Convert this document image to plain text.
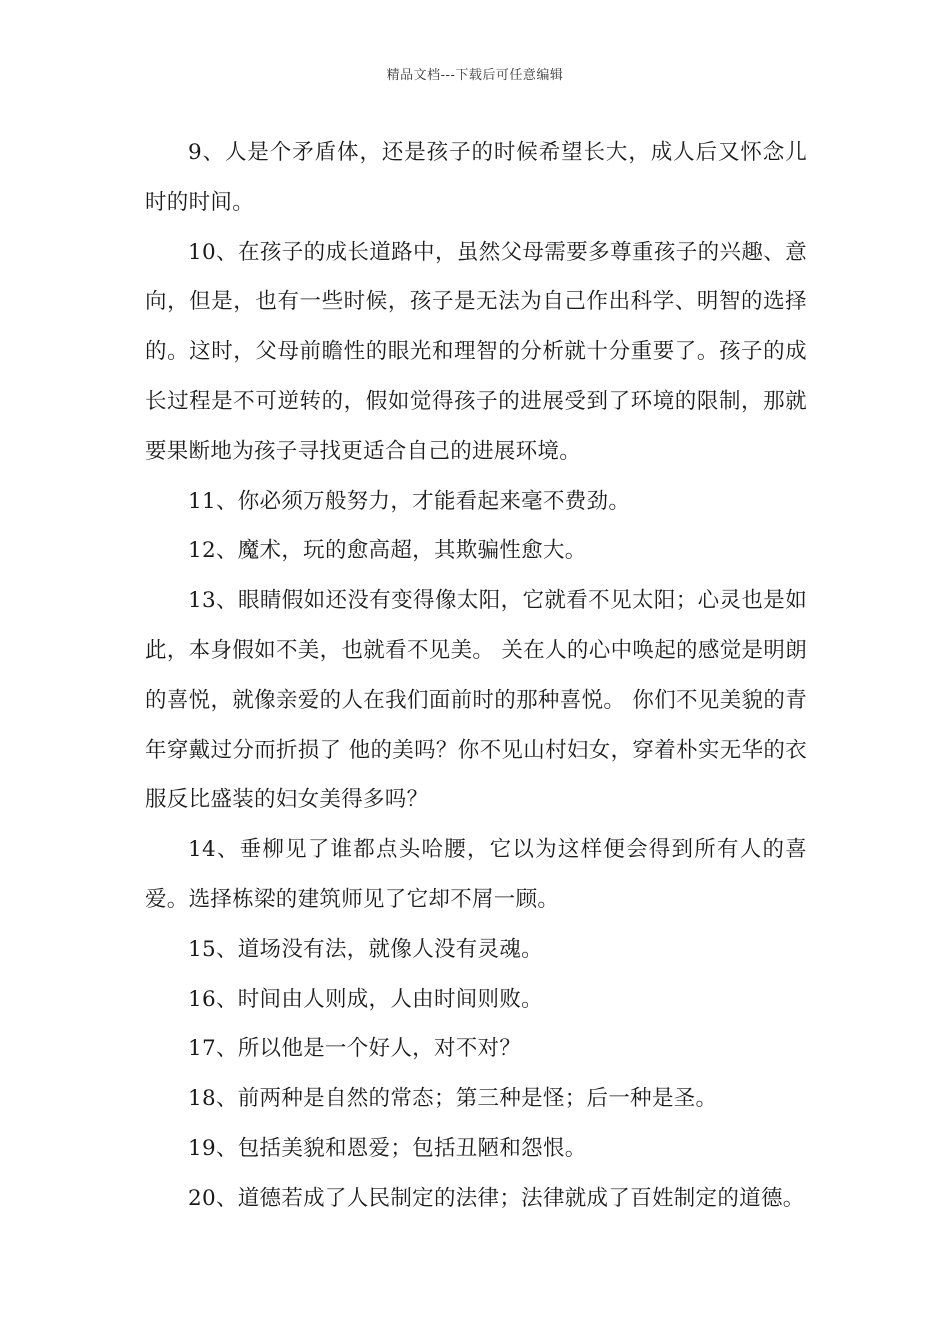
精品文档---下载后可任意编辑

9、人是个矛盾体，还是孩子的时候希望长大，成人后又怀念儿时的时间。

10、在孩子的成长道路中，虽然父母需要多尊重孩子的兴趣、意向，但是，也有一些时候，孩子是无法为自己作出科学、明智的选择的。这时，父母前瞻性的眼光和理智的分析就十分重要了。孩子的成长过程是不可逆转的，假如觉得孩子的进展受到了环境的限制，那就要果断地为孩子寻找更适合自己的进展环境。

11、你必须万般努力，才能看起来毫不费劲。

12、魔术，玩的愈高超，其欺骗性愈大。

13、眼睛假如还没有变得像太阳，它就看不见太阳；心灵也是如此，本身假如不美，也就看不见美。 关在人的心中唤起的感觉是明朗的喜悦，就像亲爱的人在我们面前时的那种喜悦。 你们不见美貌的青年穿戴过分而折损了 他的美吗？你不见山村妇女，穿着朴实无华的衣服反比盛装的妇女美得多吗？

14、垂柳见了谁都点头哈腰，它以为这样便会得到所有人的喜爱。选择栋梁的建筑师见了它却不屑一顾。

15、道场没有法，就像人没有灵魂。

16、时间由人则成，人由时间则败。

17、所以他是一个好人，对不对？

18、前两种是自然的常态；第三种是怪；后一种是圣。

19、包括美貌和恩爱；包括丑陋和怨恨。

20、道德若成了人民制定的法律；法律就成了百姓制定的道德。
